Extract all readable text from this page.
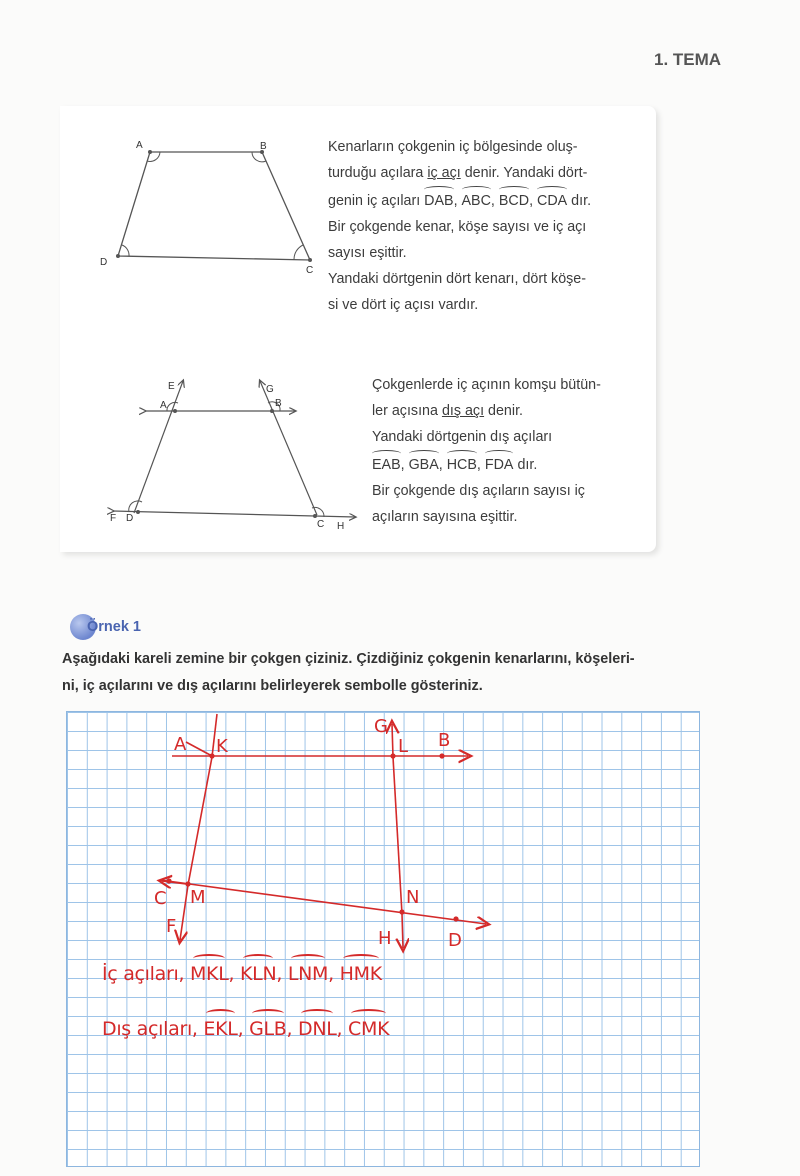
1. TEMA
A	B
C
D

Kenarların çokgenin iç bölgesinde oluş-

turduğu açılara iç açı denir. Yandaki dört-

genin iç açıları DAB, ABC, BCD, CDA dır.

Bir çokgende kenar, köşe sayısı ve iç açı

sayısı eşittir.

Yandaki dörtgenin dört kenarı, dört köşe-

si ve dört iç açısı vardır.

E
A
G
B
F D
C H

Çokgenlerde iç açının komşu bütün-

ler açısına dış açı denir.

Yandaki dörtgenin dış açıları

EAB, GBA, HCB, FDA dır.

Bir çokgende dış açıların sayısı iç

açıların sayısına eşittir.

Örnek 1

Aşağıdaki kareli zemine bir çokgen çiziniz. Çizdiğiniz çokgenin kenarlarını, köşeleri-

ni, iç açılarını ve dış açılarını belirleyerek sembolle gösteriniz.

A K
G
L B
C M
F
N
H	D
İç açıları, MKL, KLN, LNM, HMK
Dış açıları, EKL, GLB, DNL, CMK
